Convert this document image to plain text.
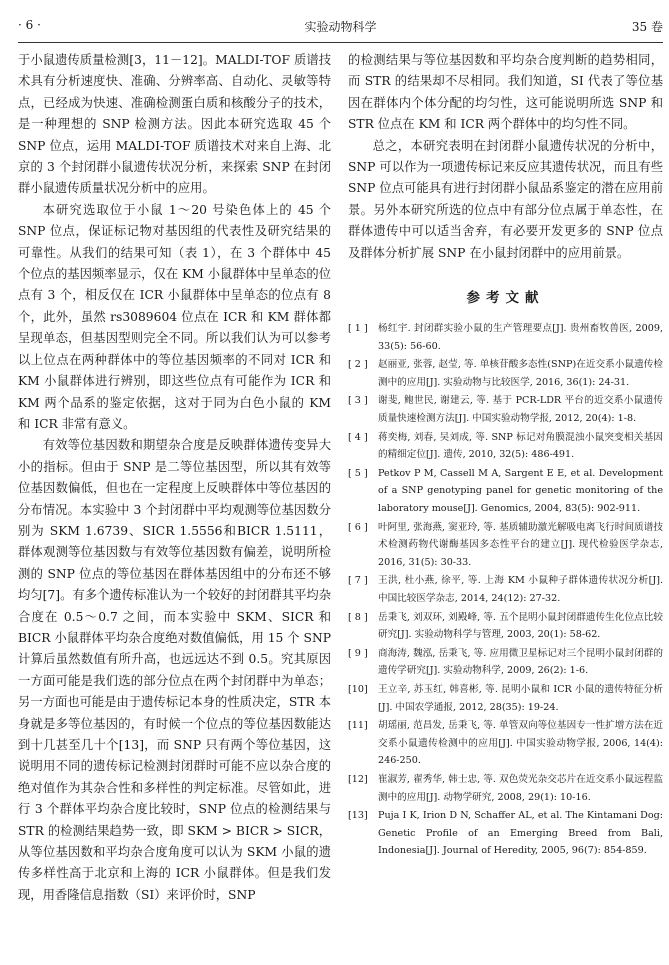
· 6 ·	实验动物科学	35 卷

于小鼠遗传质量检测[3，11－12]。MALDI-TOF 质谱技术具有分析速度快、准确、分辨率高、自动化、灵敏等特点，已经成为快速、准确检测蛋白质和核酸分子的技术，是一种理想的 SNP 检测方法。因此本研究选取 45 个 SNP 位点，运用 MALDI-TOF 质谱技术对来自上海、北京的 3 个封闭群小鼠遗传状况分析，来探索 SNP 在封闭群小鼠遗传质量状况分析中的应用。

本研究选取位于小鼠 1～20 号染色体上的 45 个 SNP 位点，保证标记物对基因组的代表性及研究结果的可靠性。从我们的结果可知（表 1），在 3 个群体中 45 个位点的基因频率显示，仅在 KM 小鼠群体中呈单态的位点有 3 个，相反仅在 ICR 小鼠群体中呈单态的位点有 8 个，此外，虽然 rs3089604 位点在 ICR 和 KM 群体都呈现单态，但基因型则完全不同。所以我们认为可以参考以上位点在两种群体中的等位基因频率的不同对 ICR 和 KM 小鼠群体进行辨别，即这些位点有可能作为 ICR 和 KM 两个品系的鉴定依据，这对于同为白色小鼠的 KM 和 ICR 非常有意义。

有效等位基因数和期望杂合度是反映群体遗传变异大小的指标。但由于 SNP 是二等位基因型，所以其有效等位基因数偏低，但也在一定程度上反映群体中等位基因的分布情况。本实验中 3 个封闭群中平均观测等位基因数分别为 SKM 1.6739、SICR 1.5556和BICR 1.5111，群体观测等位基因数与有效等位基因数有偏差，说明所检测的 SNP 位点的等位基因在群体基因组中的分布还不够均匀[7]。有多个遗传标准认为一个较好的封闭群其平均杂合度在 0.5～0.7 之间，而本实验中 SKM、SICR 和 BICR 小鼠群体平均杂合度绝对数值偏低，用 15 个 SNP 计算后虽然数值有所升高，也远远达不到 0.5。究其原因一方面可能是我们选的部分位点在两个封闭群中为单态；另一方面也可能是由于遗传标记本身的性质决定，STR 本身就是多等位基因的，有时候一个位点的等位基因数能达到十几甚至几十个[13]，而 SNP 只有两个等位基因，这说明用不同的遗传标记检测封闭群时可能不应以杂合度的绝对值作为其杂合性和多样性的判定标准。尽管如此，进行 3 个群体平均杂合度比较时，SNP 位点的检测结果与 STR 的检测结果趋势一致，即 SKM > BICR > SICR，从等位基因数和平均杂合度角度可以认为 SKM 小鼠的遗传多样性高于北京和上海的 ICR 小鼠群体。但是我们发现，用香隆信息指数（SI）来评价时，SNP

的检测结果与等位基因数和平均杂合度判断的趋势相同，而 STR 的结果却不尽相同。我们知道，SI 代表了等位基因在群体内个体分配的均匀性，这可能说明所选 SNP 和 STR 位点在 KM 和 ICR 两个群体中的均匀性不同。

总之，本研究表明在封闭群小鼠遗传状况的分析中，SNP 可以作为一项遗传标记来反应其遗传状况，而且有些 SNP 位点可能具有进行封闭群小鼠品系鉴定的潜在应用前景。另外本研究所选的位点中有部分位点属于单态性，在群体遗传中可以适当舍弃，有必要开发更多的 SNP 位点及群体分析扩展 SNP 在小鼠封闭群中的应用前景。

参考文献
[ 1 ] 杨红宇. 封闭群实验小鼠的生产管理要点[J]. 贵州畜牧兽医, 2009, 33(5): 56-60.
[ 2 ] 赵丽亚, 张蓉, 赵莹, 等. 单核苷酸多态性(SNP)在近交系小鼠遗传检测中的应用[J]. 实验动物与比较医学, 2016, 36(1): 24-31.
[ 3 ] 谢斐, 鲍世民, 谢建云, 等. 基于 PCR-LDR 平台的近交系小鼠遗传质量快速检测方法[J]. 中国实验动物学报, 2012, 20(4): 1-8.
[ 4 ] 蒋奕梅, 刘春, 吴刘成, 等. SNP 标记对角膜混浊小鼠突变相关基因的精细定位[J]. 遗传, 2010, 32(5): 486-491.
[ 5 ] Petkov P M, Cassell M A, Sargent E E, et al. Development of a SNP genotyping panel for genetic monitoring of the laboratory mouse[J]. Genomics, 2004, 83(5): 902-911.
[ 6 ] 叶阿里, 张海燕, 窦亚玲, 等. 基质辅助激光解吸电离飞行时间质谱技术检测药物代谢酶基因多态性平台的建立[J]. 现代检验医学杂志, 2016, 31(5): 30-33.
[ 7 ] 王洪, 杜小燕, 徐平, 等. 上海 KM 小鼠种子群体遗传状况分析[J]. 中国比较医学杂志, 2014, 24(12): 27-32.
[ 8 ] 岳秉飞, 刘双环, 刘殿峰, 等. 五个昆明小鼠封闭群遗传生化位点比较研究[J]. 实验动物科学与管理, 2003, 20(1): 58-62.
[ 9 ] 商海涛, 魏泓, 岳秉飞, 等. 应用微卫星标记对三个昆明小鼠封闭群的遗传学研究[J]. 实验动物科学, 2009, 26(2): 1-6.
[10] 王立辛, 苏玉红, 韩喜彬, 等. 昆明小鼠和 ICR 小鼠的遗传特征分析[J]. 中国农学通报, 2012, 28(35): 19-24.
[11] 胡瑶丽, 范昌发, 岳秉飞, 等. 单管双向等位基因专一性扩增方法在近交系小鼠遗传检测中的应用[J]. 中国实验动物学报, 2006, 14(4): 246-250.
[12] 崔淑芳, 翟秀华, 韩士忠, 等. 双色荧光杂交芯片在近交系小鼠远程监测中的应用[J]. 动物学研究, 2008, 29(1): 10-16.
[13] Puja I K, Irion D N, Schaffer AL, et al. The Kintamani Dog: Genetic Profile of an Emerging Breed from Bali, Indonesia[J]. Journal of Heredity, 2005, 96(7): 854-859.
